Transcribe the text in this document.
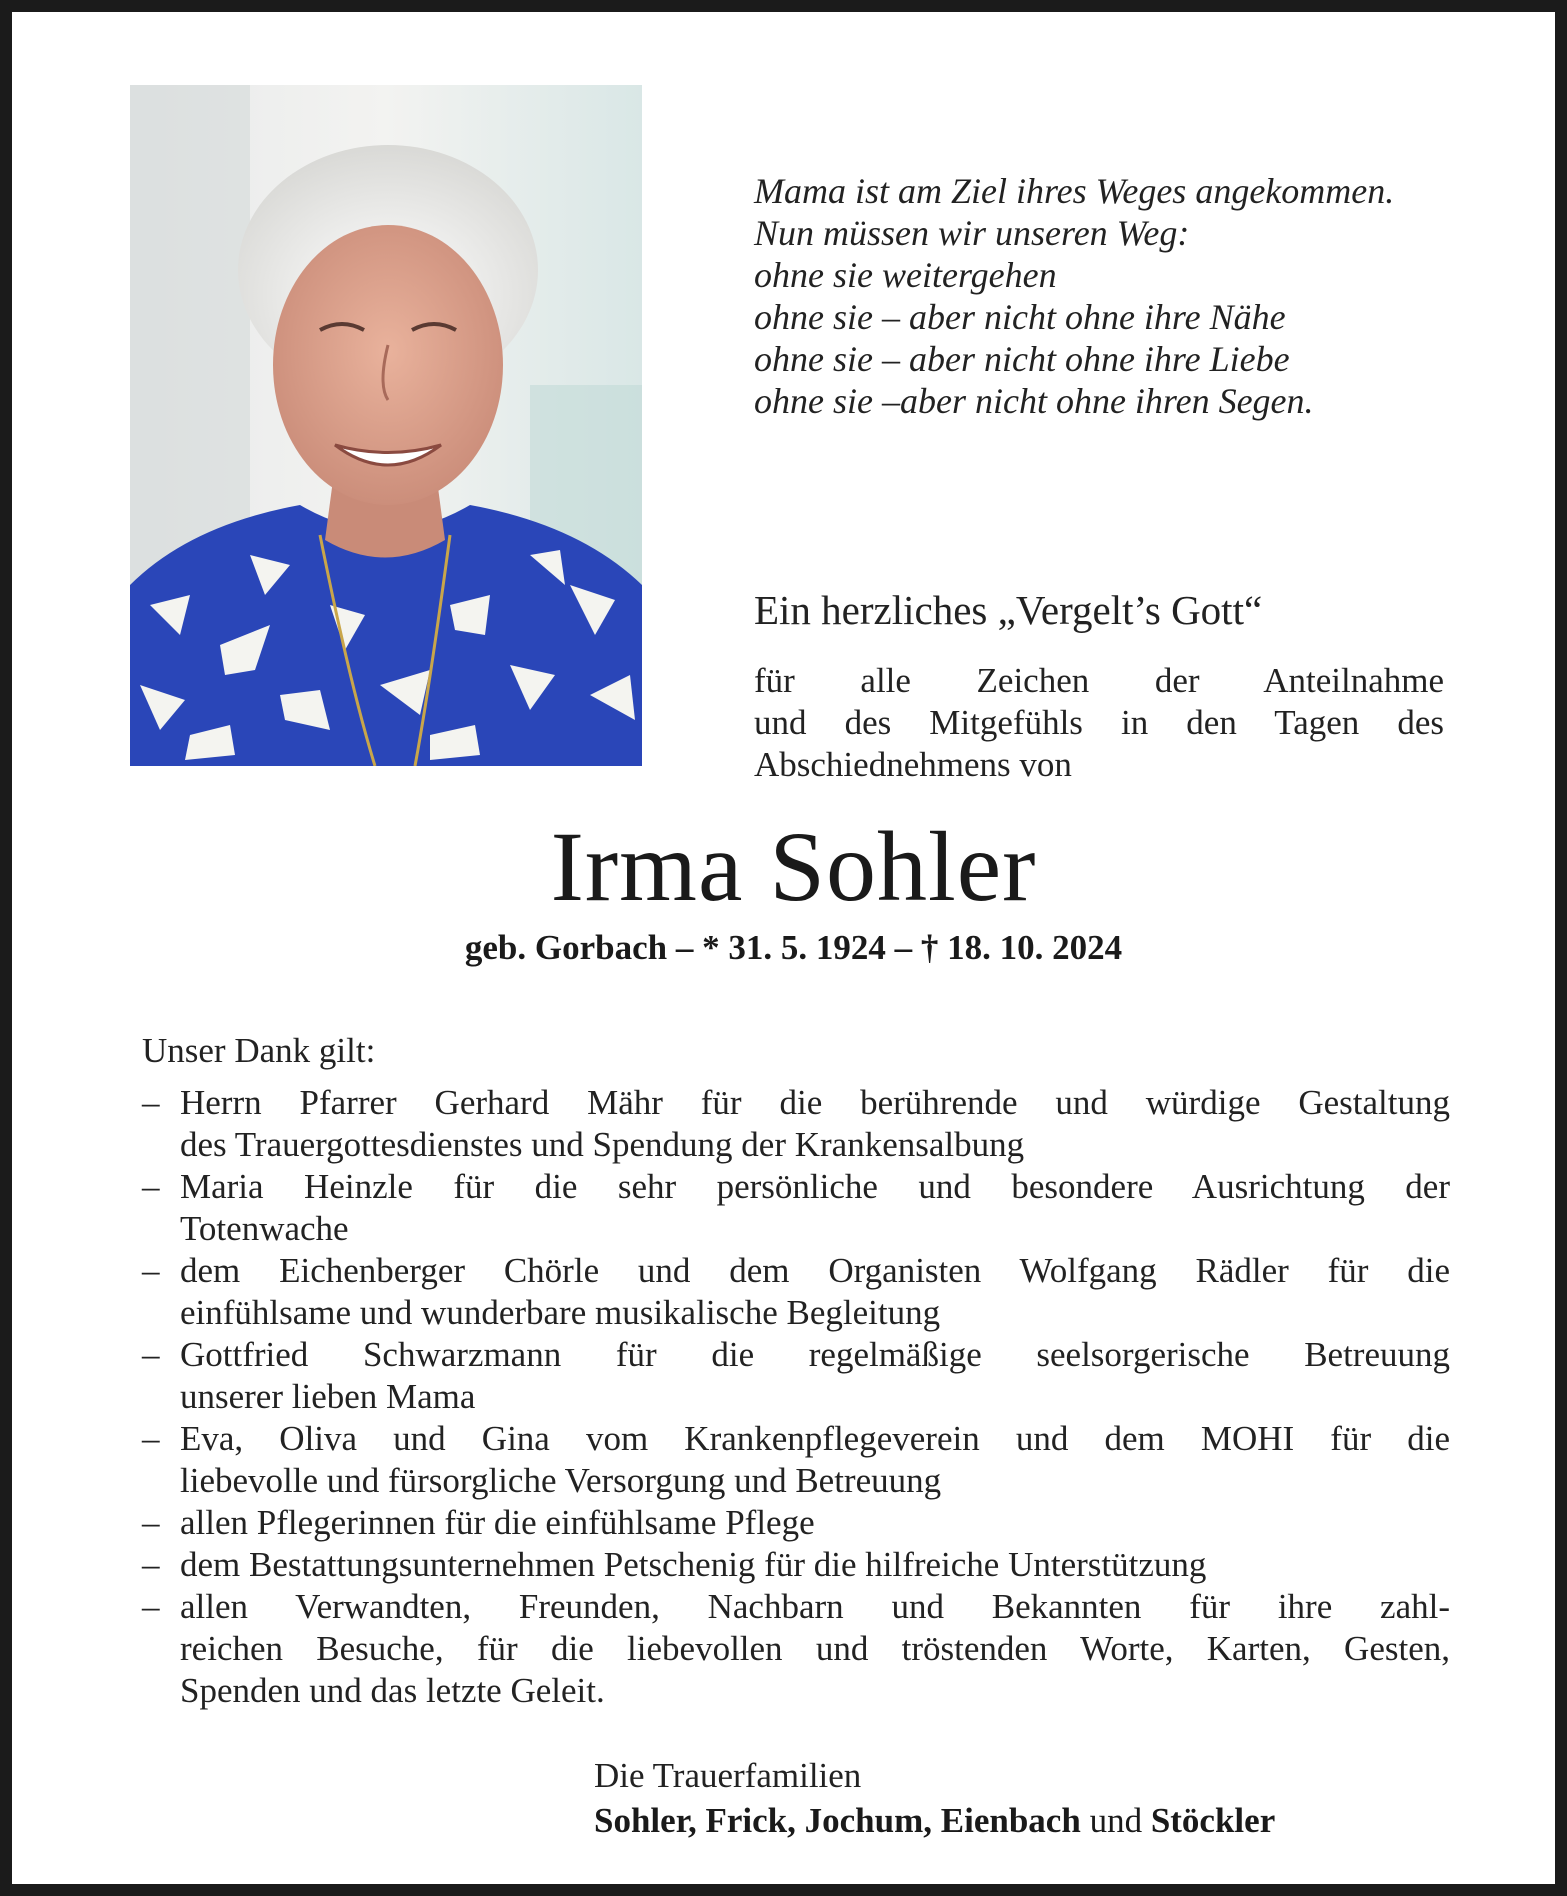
Mama ist am Ziel ihres Weges angekommen.
Nun müssen wir unseren Weg:
ohne sie weitergehen
ohne sie – aber nicht ohne ihre Nähe
ohne sie – aber nicht ohne ihre Liebe
ohne sie –aber nicht ohne ihren Segen.
Ein herzliches „Vergelt’s Gott“
für alle Zeichen der Anteilnahme
und des Mitgefühls in den Tagen des
Abschiednehmens von
Irma Sohler
geb. Gorbach – * 31. 5. 1924 – † 18. 10. 2024
Unser Dank gilt:
– Herrn Pfarrer Gerhard Mähr für die berührende und würdige Gestaltung
des Trauergottesdienstes und Spendung der Krankensalbung
– Maria Heinzle für die sehr persönliche und besondere Ausrichtung der
Totenwache
– dem Eichenberger Chörle und dem Organisten Wolfgang Rädler für die
einfühlsame und wunderbare musikalische Begleitung
– Gottfried Schwarzmann für die regelmäßige seelsorgerische Betreuung
unserer lieben Mama
– Eva, Oliva und Gina vom Krankenpflegeverein und dem MOHI für die
liebevolle und fürsorgliche Versorgung und Betreuung
– allen Pflegerinnen für die einfühlsame Pflege
– dem Bestattungsunternehmen Petschenig für die hilfreiche Unterstützung
– allen Verwandten, Freunden, Nachbarn und Bekannten für ihre zahl-
reichen Besuche, für die liebevollen und tröstenden Worte, Karten, Gesten,
Spenden und das letzte Geleit.
Die Trauerfamilien
Sohler, Frick, Jochum, Eienbach und Stöckler
